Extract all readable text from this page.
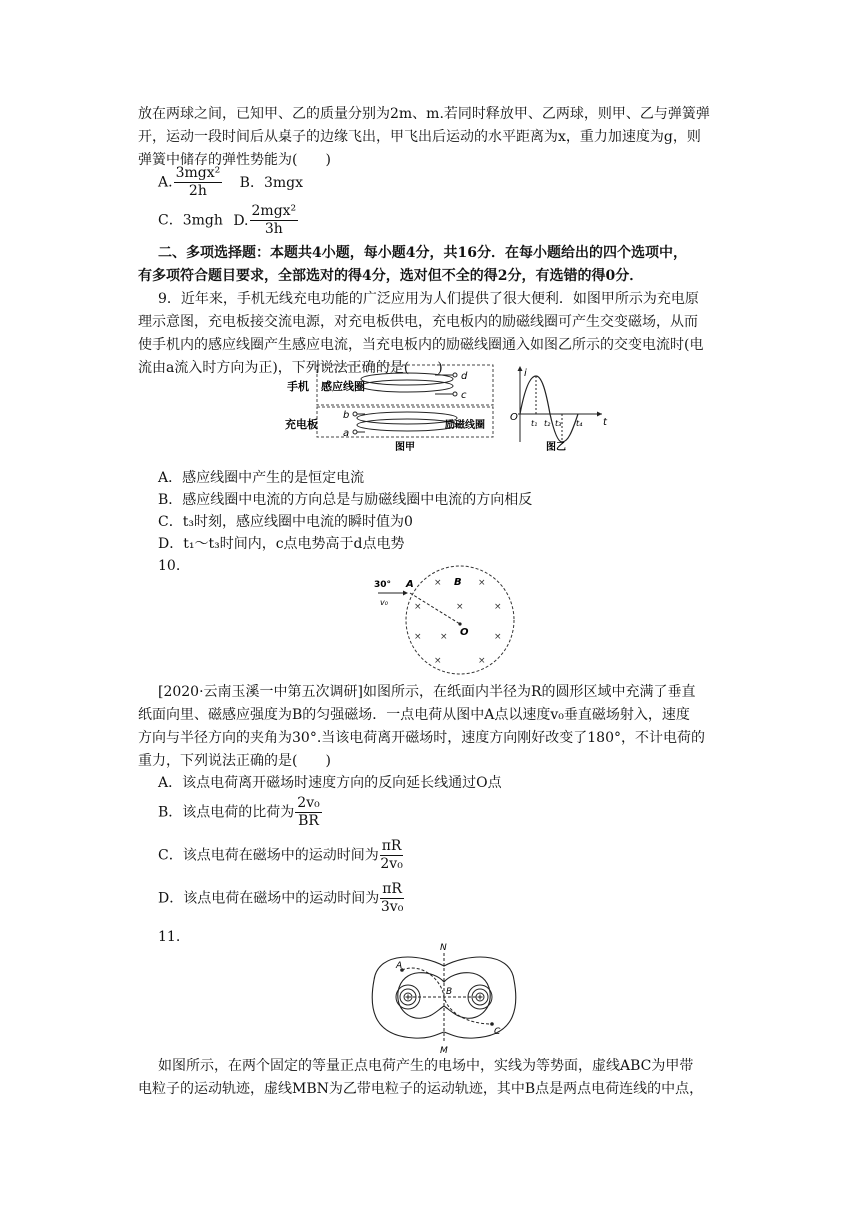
放在两球之间，已知甲、乙的质量分别为2m、m.若同时释放甲、乙两球，则甲、乙与弹簧弹
开，运动一段时间后从桌子的边缘飞出，甲飞出后运动的水平距离为x，重力加速度为g，则
弹簧中储存的弹性势能为(　　)
A. $\frac{\text{3mgx²}}{2h}$ B．3mgx
C．3mgh D. $\frac{\text{2mgx²}}{3h}$
二、多项选择题：本题共4小题，每小题4分，共16分．在每小题给出的四个选项中，
有多项符合题目要求，全部选对的得4分，选对但不全的得2分，有选错的得0分．
9．近年来，手机无线充电功能的广泛应用为人们提供了很大便利．如图甲所示为充电原
理示意图，充电板接交流电源，对充电板供电，充电板内的励磁线圈可产生交变磁场，从而
使手机内的感应线圈产生感应电流，当充电板内的励磁线圈通入如图乙所示的交变电流时(电
流由a流入时方向为正)，下列说法正确的是(　　)
手机 感应线圈
d
c
充电板
b
a
励磁线圈
图甲
i
t
O
t₁ t₂ t₃ t₄
图乙
A．感应线圈中产生的是恒定电流
B．感应线圈中电流的方向总是与励磁线圈中电流的方向相反
C．t₃时刻，感应线圈中电流的瞬时值为0
D．t₁～t₃时间内，c点电势高于d点电势
10.
30°
v₀
A
O
B
×	×
×	×	×
× ×	×
×	×
[2020·云南玉溪一中第五次调研]如图所示，在纸面内半径为R的圆形区域中充满了垂直
纸面向里、磁感应强度为B的匀强磁场．一点电荷从图中A点以速度v₀垂直磁场射入，速度
方向与半径方向的夹角为30°.当该电荷离开磁场时，速度方向刚好改变了180°，不计电荷的
重力，下列说法正确的是(　　)
A．该点电荷离开磁场时速度方向的反向延长线通过O点
B．该点电荷的比荷为 $\frac{\text{2v₀}}{BR}$
C．该点电荷在磁场中的运动时间为 $\frac{\pi R}{\text{2v₀}}$
D．该点电荷在磁场中的运动时间为 $\frac{\pi R}{\text{3v₀}}$
11.
N
M
A
B
C
如图所示，在两个固定的等量正点电荷产生的电场中，实线为等势面，虚线ABC为甲带
电粒子的运动轨迹，虚线MBN为乙带电粒子的运动轨迹，其中B点是两点电荷连线的中点，
